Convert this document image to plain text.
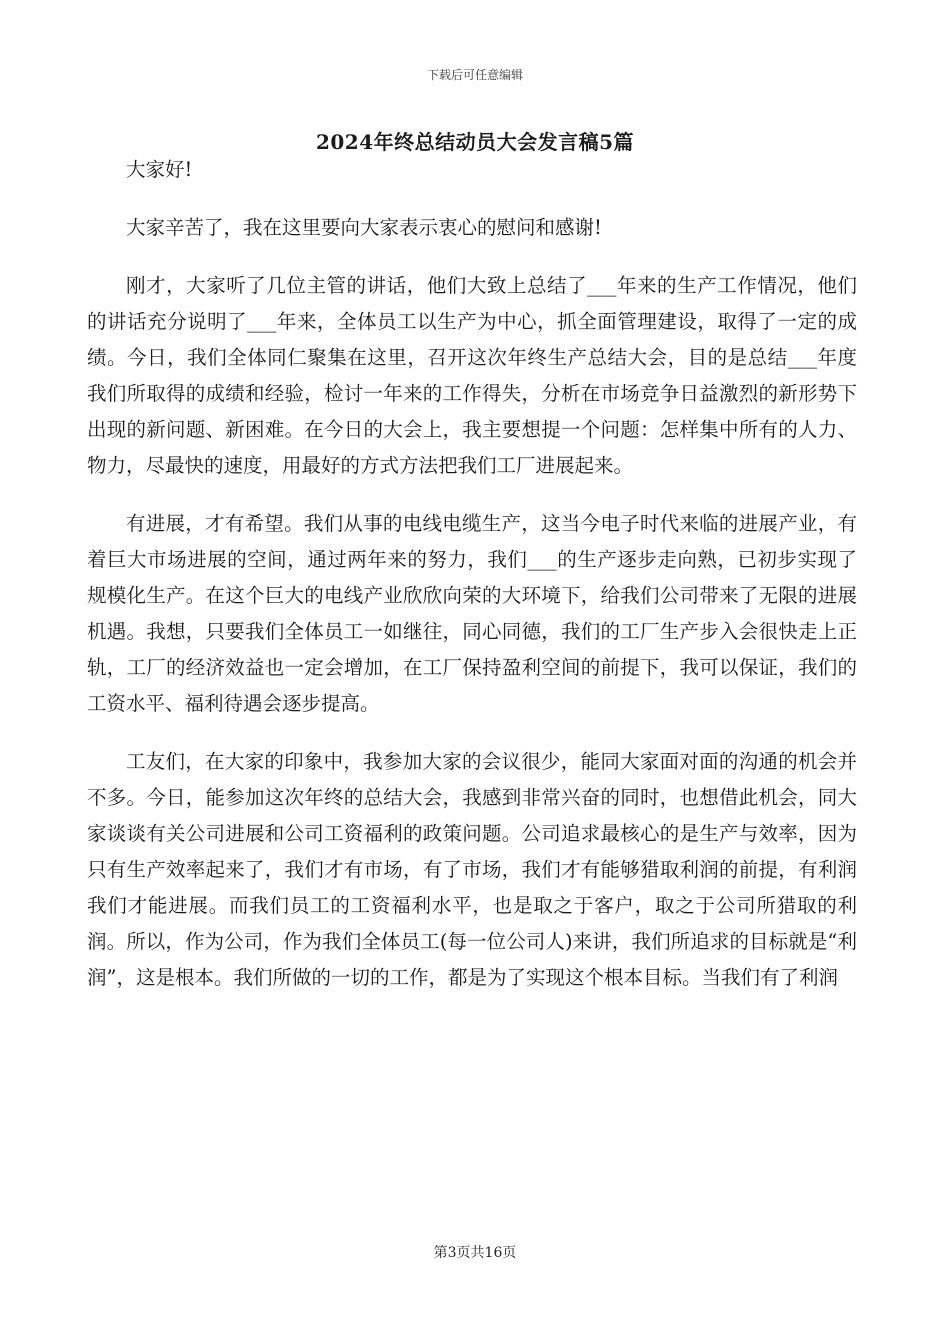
下载后可任意编辑
2024年终总结动员大会发言稿5篇

大家好!

大家辛苦了，我在这里要向大家表示衷心的慰问和感谢!

刚才，大家听了几位主管的讲话，他们大致上总结了___年来的生产工作情况，他们的讲话充分说明了___年来，全体员工以生产为中心，抓全面管理建设，取得了一定的成绩。今日，我们全体同仁聚集在这里，召开这次年终生产总结大会，目的是总结___年度我们所取得的成绩和经验，检讨一年来的工作得失，分析在市场竞争日益激烈的新形势下出现的新问题、新困难。在今日的大会上，我主要想提一个问题：怎样集中所有的人力、物力，尽最快的速度，用最好的方式方法把我们工厂进展起来。

有进展，才有希望。我们从事的电线电缆生产，这当今电子时代来临的进展产业，有着巨大市场进展的空间，通过两年来的努力，我们___的生产逐步走向熟，已初步实现了规模化生产。在这个巨大的电线产业欣欣向荣的大环境下，给我们公司带来了无限的进展机遇。我想，只要我们全体员工一如继往，同心同德，我们的工厂生产步入会很快走上正轨，工厂的经济效益也一定会增加，在工厂保持盈利空间的前提下，我可以保证，我们的工资水平、福利待遇会逐步提高。

工友们，在大家的印象中，我参加大家的会议很少，能同大家面对面的沟通的机会并不多。今日，能参加这次年终的总结大会，我感到非常兴奋的同时，也想借此机会，同大家谈谈有关公司进展和公司工资福利的政策问题。公司追求最核心的是生产与效率，因为只有生产效率起来了，我们才有市场，有了市场，我们才有能够猎取利润的前提，有利润我们才能进展。而我们员工的工资福利水平，也是取之于客户，取之于公司所猎取的利润。所以，作为公司，作为我们全体员工(每一位公司人)来讲，我们所追求的目标就是“利润”，这是根本。我们所做的一切的工作，都是为了实现这个根本目标。当我们有了利润

第3页共16页
